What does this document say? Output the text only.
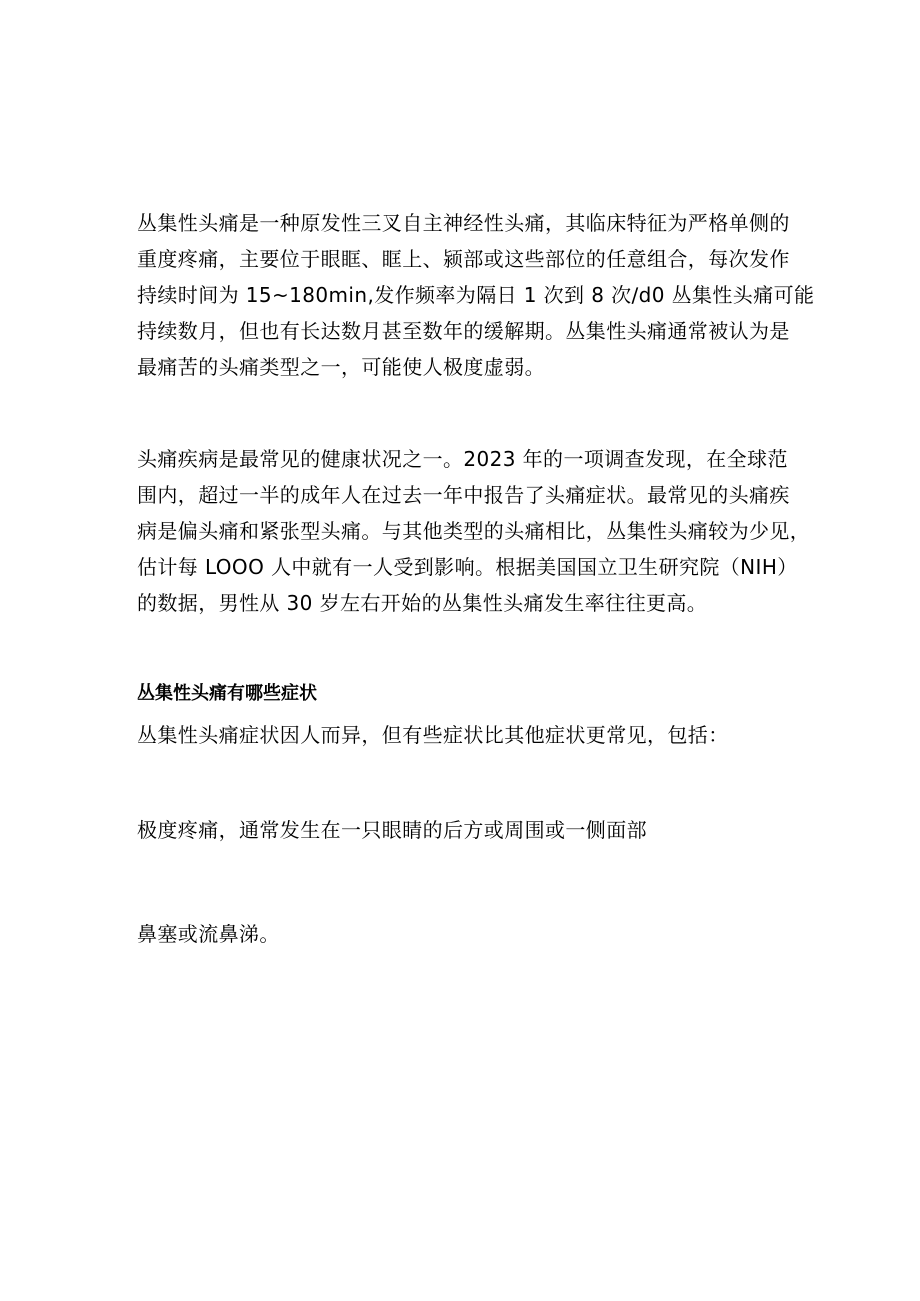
丛集性头痛是一种原发性三叉自主神经性头痛，其临床特征为严格单侧的
重度疼痛，主要位于眼眶、眶上、颍部或这些部位的任意组合，每次发作
持续时间为 15~180min,发作频率为隔日 1 次到 8 次∕d0 丛集性头痛可能
持续数月，但也有长达数月甚至数年的缓解期。丛集性头痛通常被认为是
最痛苦的头痛类型之一，可能使人极度虚弱。

头痛疾病是最常见的健康状况之一。2023 年的一项调查发现，在全球范
围内，超过一半的成年人在过去一年中报告了头痛症状。最常见的头痛疾
病是偏头痛和紧张型头痛。与其他类型的头痛相比，丛集性头痛较为少见，
估计每 LOOO 人中就有一人受到影响。根据美国国立卫生研究院（NIH）
的数据，男性从 30 岁左右开始的丛集性头痛发生率往往更高。

丛集性头痛有哪些症状

丛集性头痛症状因人而异，但有些症状比其他症状更常见，包括：

极度疼痛，通常发生在一只眼睛的后方或周围或一侧面部

鼻塞或流鼻涕。
